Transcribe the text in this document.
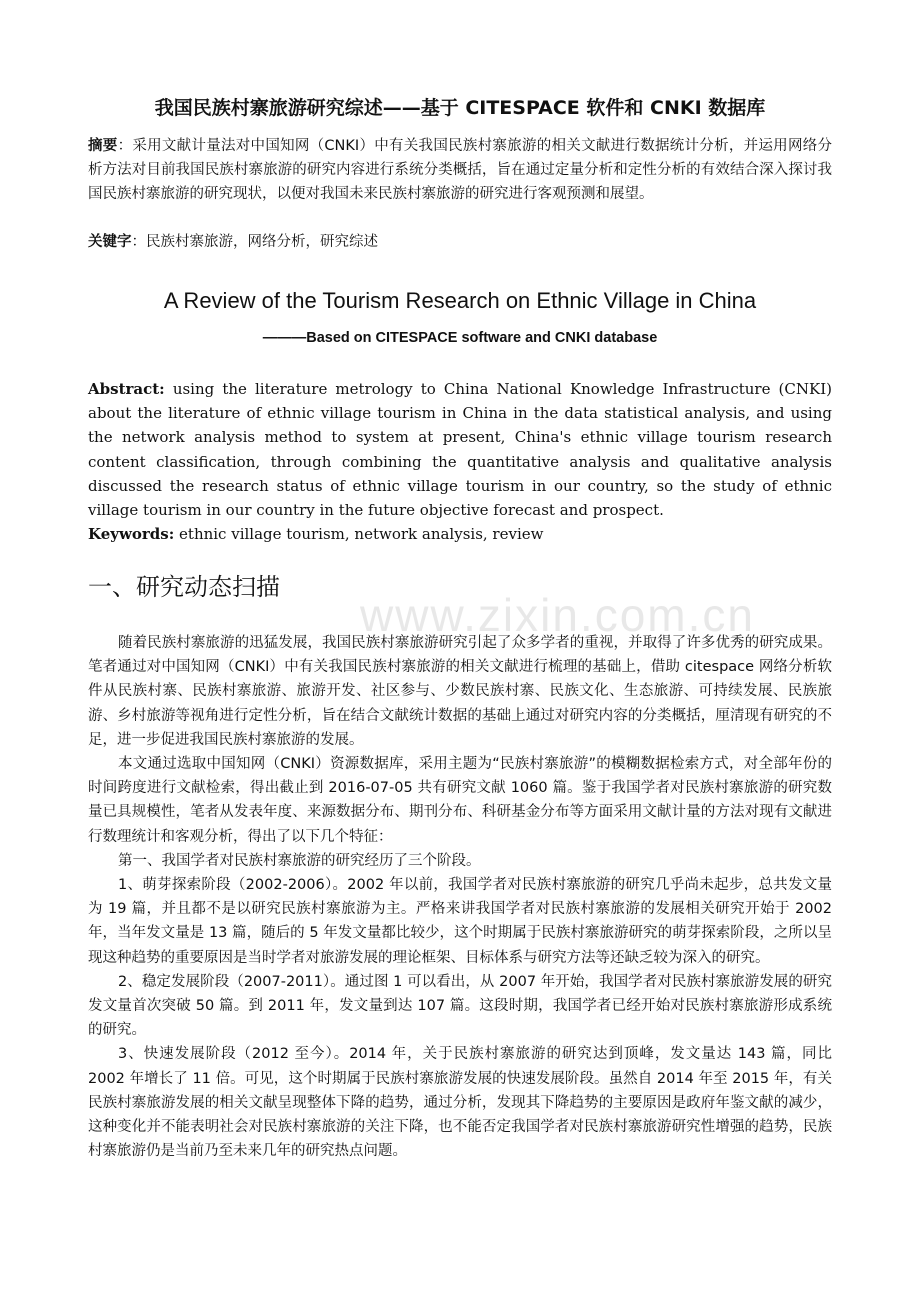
www.zixin.com.cn
我国民族村寨旅游研究综述——基于 CITESPACE 软件和 CNKI 数据库
摘要：采用文献计量法对中国知网（CNKI）中有关我国民族村寨旅游的相关文献进行数据统计分析，并运用网络分析方法对目前我国民族村寨旅游的研究内容进行系统分类概括，旨在通过定量分析和定性分析的有效结合深入探讨我国民族村寨旅游的研究现状，以便对我国未来民族村寨旅游的研究进行客观预测和展望。
关键字：民族村寨旅游，网络分析，研究综述
A Review of the Tourism Research on Ethnic Village in China
———Based on CITESPACE software and CNKI database
Abstract: using the literature metrology to China National Knowledge Infrastructure (CNKI) about the literature of ethnic village tourism in China in the data statistical analysis, and using the network analysis method to system at present, China's ethnic village tourism research content classification, through combining the quantitative analysis and qualitative analysis discussed the research status of ethnic village tourism in our country, so the study of ethnic village tourism in our country in the future objective forecast and prospect.
Keywords: ethnic village tourism, network analysis, review
一、研究动态扫描

随着民族村寨旅游的迅猛发展，我国民族村寨旅游研究引起了众多学者的重视，并取得了许多优秀的研究成果。笔者通过对中国知网（CNKI）中有关我国民族村寨旅游的相关文献进行梳理的基础上，借助 citespace 网络分析软件从民族村寨、民族村寨旅游、旅游开发、社区参与、少数民族村寨、民族文化、生态旅游、可持续发展、民族旅游、乡村旅游等视角进行定性分析，旨在结合文献统计数据的基础上通过对研究内容的分类概括，厘清现有研究的不足，进一步促进我国民族村寨旅游的发展。

本文通过选取中国知网（CNKI）资源数据库，采用主题为“民族村寨旅游”的模糊数据检索方式，对全部年份的时间跨度进行文献检索，得出截止到 2016-07-05 共有研究文献 1060 篇。鉴于我国学者对民族村寨旅游的研究数量已具规模性，笔者从发表年度、来源数据分布、期刊分布、科研基金分布等方面采用文献计量的方法对现有文献进行数理统计和客观分析，得出了以下几个特征：

第一、我国学者对民族村寨旅游的研究经历了三个阶段。

1、萌芽探索阶段（2002-2006）。2002 年以前，我国学者对民族村寨旅游的研究几乎尚未起步，总共发文量为 19 篇，并且都不是以研究民族村寨旅游为主。严格来讲我国学者对民族村寨旅游的发展相关研究开始于 2002 年，当年发文量是 13 篇，随后的 5 年发文量都比较少，这个时期属于民族村寨旅游研究的萌芽探索阶段，之所以呈现这种趋势的重要原因是当时学者对旅游发展的理论框架、目标体系与研究方法等还缺乏较为深入的研究。

2、稳定发展阶段（2007-2011）。通过图 1 可以看出，从 2007 年开始，我国学者对民族村寨旅游发展的研究发文量首次突破 50 篇。到 2011 年，发文量到达 107 篇。这段时期，我国学者已经开始对民族村寨旅游形成系统的研究。

3、快速发展阶段（2012 至今）。2014 年，关于民族村寨旅游的研究达到顶峰，发文量达 143 篇，同比 2002 年增长了 11 倍。可见，这个时期属于民族村寨旅游发展的快速发展阶段。虽然自 2014 年至 2015 年，有关民族村寨旅游发展的相关文献呈现整体下降的趋势，通过分析，发现其下降趋势的主要原因是政府年鉴文献的减少，这种变化并不能表明社会对民族村寨旅游的关注下降，也不能否定我国学者对民族村寨旅游研究性增强的趋势，民族村寨旅游仍是当前乃至未来几年的研究热点问题。
